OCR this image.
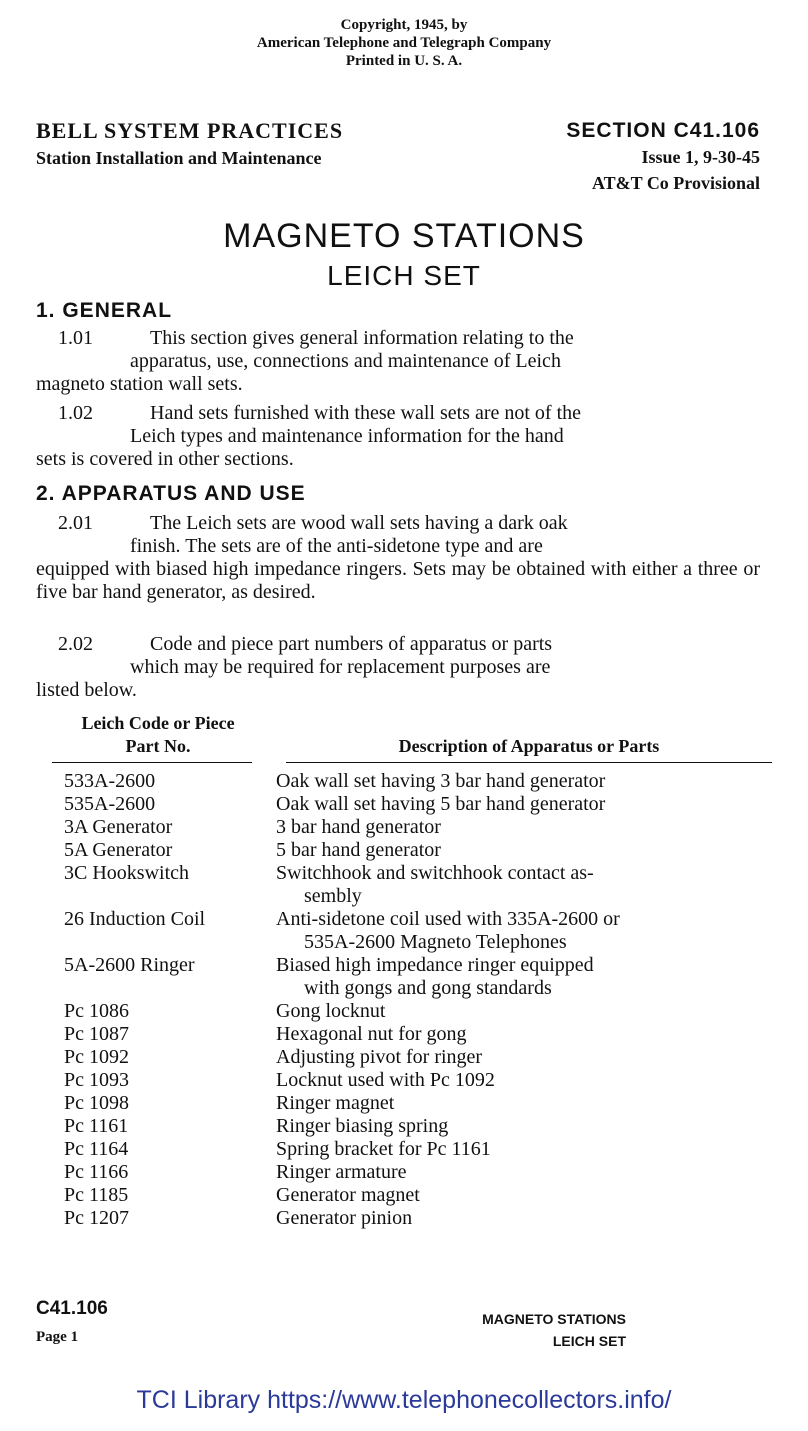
Copyright, 1945, by
American Telephone and Telegraph Company
Printed in U. S. A.
BELL SYSTEM PRACTICES
Station Installation and Maintenance
SECTION C41.106
Issue 1, 9-30-45
AT&T Co Provisional
MAGNETO STATIONS
LEICH SET
1. GENERAL
1.01	This section gives general information relating to the
apparatus, use, connections and maintenance of Leich
magneto station wall sets.
1.02	Hand sets furnished with these wall sets are not of the
Leich types and maintenance information for the hand
sets is covered in other sections.
2. APPARATUS AND USE
2.01	The Leich sets are wood wall sets having a dark oak
finish. The sets are of the anti-sidetone type and are
equipped with biased high impedance ringers. Sets may be obtained with either a three or five bar hand generator, as desired.
2.02	Code and piece part numbers of apparatus or parts
which may be required for replacement purposes are
listed below.
Leich Code or Piece
Part No.	Description of Apparatus or Parts
533A-2600	Oak wall set having 3 bar hand generator
535A-2600	Oak wall set having 5 bar hand generator
3A Generator	3 bar hand generator
5A Generator	5 bar hand generator
3C Hookswitch	Switchhook and switchhook contact as-
sembly
26 Induction Coil	Anti-sidetone coil used with 335A-2600 or
535A-2600 Magneto Telephones
5A-2600 Ringer	Biased high impedance ringer equipped
with gongs and gong standards
Pc 1086	Gong locknut
Pc 1087	Hexagonal nut for gong
Pc 1092	Adjusting pivot for ringer
Pc 1093	Locknut used with Pc 1092
Pc 1098	Ringer magnet
Pc 1161	Ringer biasing spring
Pc 1164	Spring bracket for Pc 1161
Pc 1166	Ringer armature
Pc 1185	Generator magnet
Pc 1207	Generator pinion
C41.106
Page 1
MAGNETO STATIONS
LEICH SET
TCI Library https://www.telephonecollectors.info/
